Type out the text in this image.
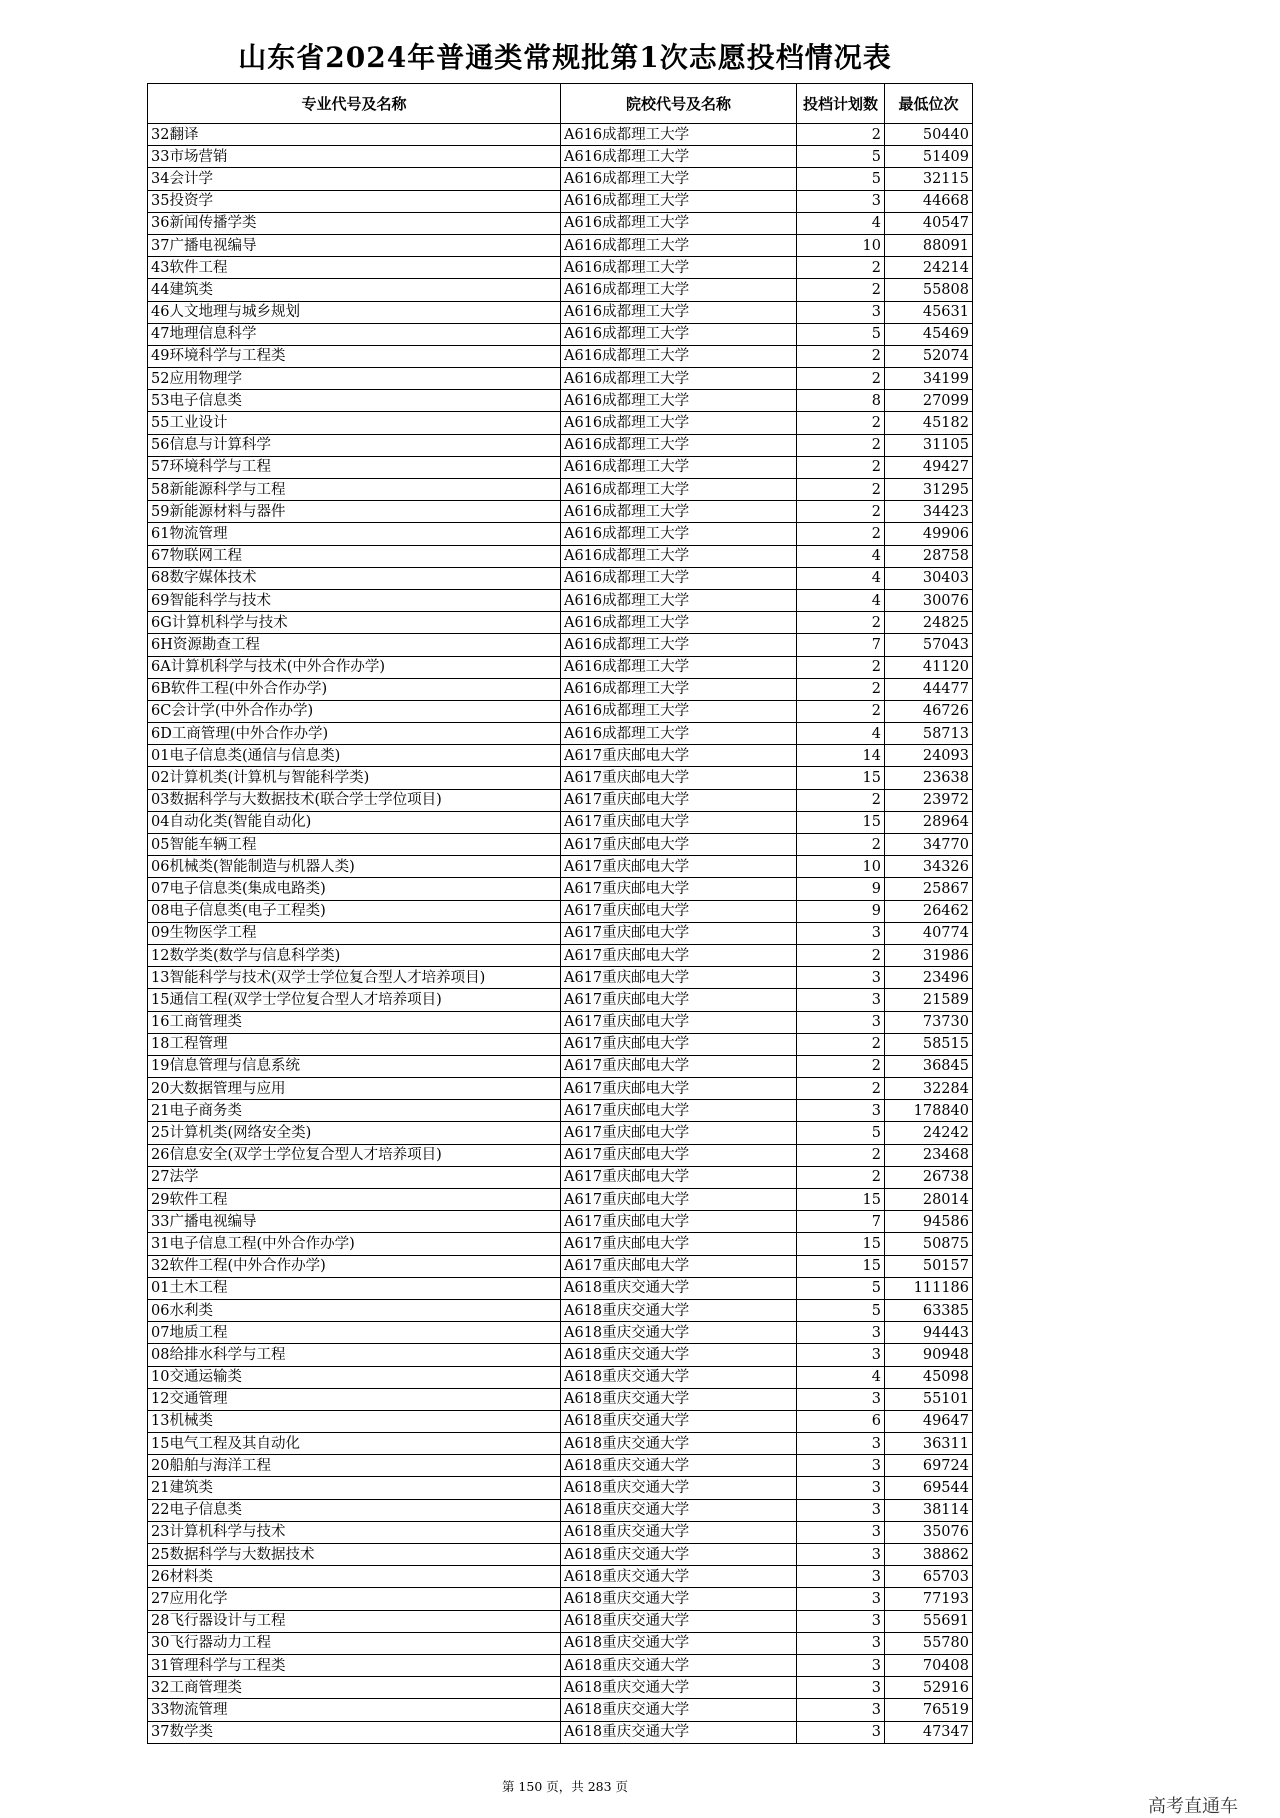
山东省2024年普通类常规批第1次志愿投档情况表
专业代号及名称	院校代号及名称	投档计划数	最低位次
32翻译	A616成都理工大学	2	50440
33市场营销	A616成都理工大学	5	51409
34会计学	A616成都理工大学	5	32115
35投资学	A616成都理工大学	3	44668
36新闻传播学类	A616成都理工大学	4	40547
37广播电视编导	A616成都理工大学	10	88091
43软件工程	A616成都理工大学	2	24214
44建筑类	A616成都理工大学	2	55808
46人文地理与城乡规划	A616成都理工大学	3	45631
47地理信息科学	A616成都理工大学	5	45469
49环境科学与工程类	A616成都理工大学	2	52074
52应用物理学	A616成都理工大学	2	34199
53电子信息类	A616成都理工大学	8	27099
55工业设计	A616成都理工大学	2	45182
56信息与计算科学	A616成都理工大学	2	31105
57环境科学与工程	A616成都理工大学	2	49427
58新能源科学与工程	A616成都理工大学	2	31295
59新能源材料与器件	A616成都理工大学	2	34423
61物流管理	A616成都理工大学	2	49906
67物联网工程	A616成都理工大学	4	28758
68数字媒体技术	A616成都理工大学	4	30403
69智能科学与技术	A616成都理工大学	4	30076
6G计算机科学与技术	A616成都理工大学	2	24825
6H资源勘查工程	A616成都理工大学	7	57043
6A计算机科学与技术(中外合作办学)	A616成都理工大学	2	41120
6B软件工程(中外合作办学)	A616成都理工大学	2	44477
6C会计学(中外合作办学)	A616成都理工大学	2	46726
6D工商管理(中外合作办学)	A616成都理工大学	4	58713
01电子信息类(通信与信息类)	A617重庆邮电大学	14	24093
02计算机类(计算机与智能科学类)	A617重庆邮电大学	15	23638
03数据科学与大数据技术(联合学士学位项目)	A617重庆邮电大学	2	23972
04自动化类(智能自动化)	A617重庆邮电大学	15	28964
05智能车辆工程	A617重庆邮电大学	2	34770
06机械类(智能制造与机器人类)	A617重庆邮电大学	10	34326
07电子信息类(集成电路类)	A617重庆邮电大学	9	25867
08电子信息类(电子工程类)	A617重庆邮电大学	9	26462
09生物医学工程	A617重庆邮电大学	3	40774
12数学类(数学与信息科学类)	A617重庆邮电大学	2	31986
13智能科学与技术(双学士学位复合型人才培养项目)	A617重庆邮电大学	3	23496
15通信工程(双学士学位复合型人才培养项目)	A617重庆邮电大学	3	21589
16工商管理类	A617重庆邮电大学	3	73730
18工程管理	A617重庆邮电大学	2	58515
19信息管理与信息系统	A617重庆邮电大学	2	36845
20大数据管理与应用	A617重庆邮电大学	2	32284
21电子商务类	A617重庆邮电大学	3	178840
25计算机类(网络安全类)	A617重庆邮电大学	5	24242
26信息安全(双学士学位复合型人才培养项目)	A617重庆邮电大学	2	23468
27法学	A617重庆邮电大学	2	26738
29软件工程	A617重庆邮电大学	15	28014
33广播电视编导	A617重庆邮电大学	7	94586
31电子信息工程(中外合作办学)	A617重庆邮电大学	15	50875
32软件工程(中外合作办学)	A617重庆邮电大学	15	50157
01土木工程	A618重庆交通大学	5	111186
06水利类	A618重庆交通大学	5	63385
07地质工程	A618重庆交通大学	3	94443
08给排水科学与工程	A618重庆交通大学	3	90948
10交通运输类	A618重庆交通大学	4	45098
12交通管理	A618重庆交通大学	3	55101
13机械类	A618重庆交通大学	6	49647
15电气工程及其自动化	A618重庆交通大学	3	36311
20船舶与海洋工程	A618重庆交通大学	3	69724
21建筑类	A618重庆交通大学	3	69544
22电子信息类	A618重庆交通大学	3	38114
23计算机科学与技术	A618重庆交通大学	3	35076
25数据科学与大数据技术	A618重庆交通大学	3	38862
26材料类	A618重庆交通大学	3	65703
27应用化学	A618重庆交通大学	3	77193
28飞行器设计与工程	A618重庆交通大学	3	55691
30飞行器动力工程	A618重庆交通大学	3	55780
31管理科学与工程类	A618重庆交通大学	3	70408
32工商管理类	A618重庆交通大学	3	52916
33物流管理	A618重庆交通大学	3	76519
37数学类	A618重庆交通大学	3	47347
第 150 页，共 283 页
高考直通车
